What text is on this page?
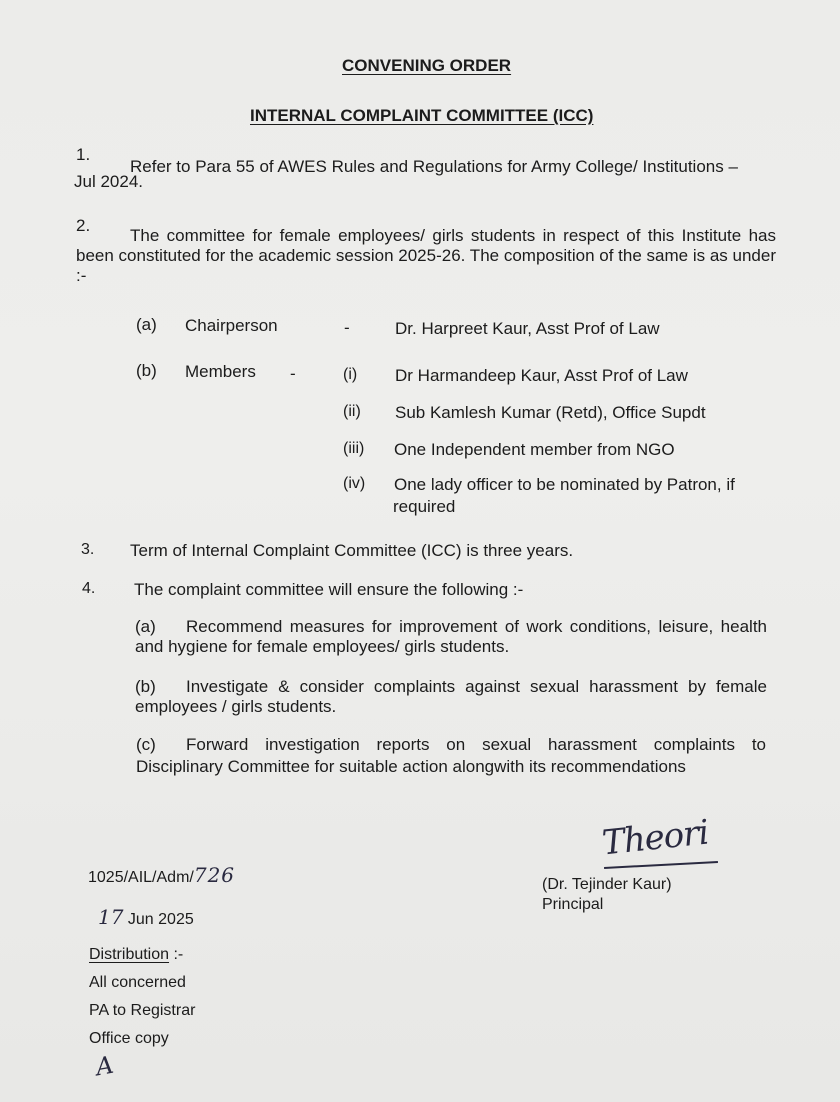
CONVENING ORDER
INTERNAL COMPLAINT COMMITTEE (ICC)
1.
Refer to Para 55 of AWES Rules and Regulations for Army College/ Institutions –
Jul 2024.
2.
The committee for female employees/ girls students in respect of this Institute has been constituted for the academic session 2025-26. The composition of the same is as under :-
(a) Chairperson	-	Dr. Harpreet Kaur, Asst Prof of Law
(b) Members -	(i) Dr Harmandeep Kaur, Asst Prof of Law
(ii) Sub Kamlesh Kumar (Retd), Office Supdt
(iii) One Independent member from NGO
(iv) One lady officer to be nominated by Patron, if
required
3. Term of Internal Complaint Committee (ICC) is three years.
4. The complaint committee will ensure the following :-
(a) Recommend measures for improvement of work conditions, leisure, health and hygiene for female employees/ girls students.
(b) Investigate & consider complaints against sexual harassment by female employees / girls students.
(c) Forward investigation reports on sexual harassment complaints to Disciplinary Committee for suitable action alongwith its recommendations
Theori
(Dr. Tejinder Kaur)
Principal
1025/AIL/Adm/726
17 Jun 2025
Distribution :-
All concerned
PA to Registrar
Office copy
A
